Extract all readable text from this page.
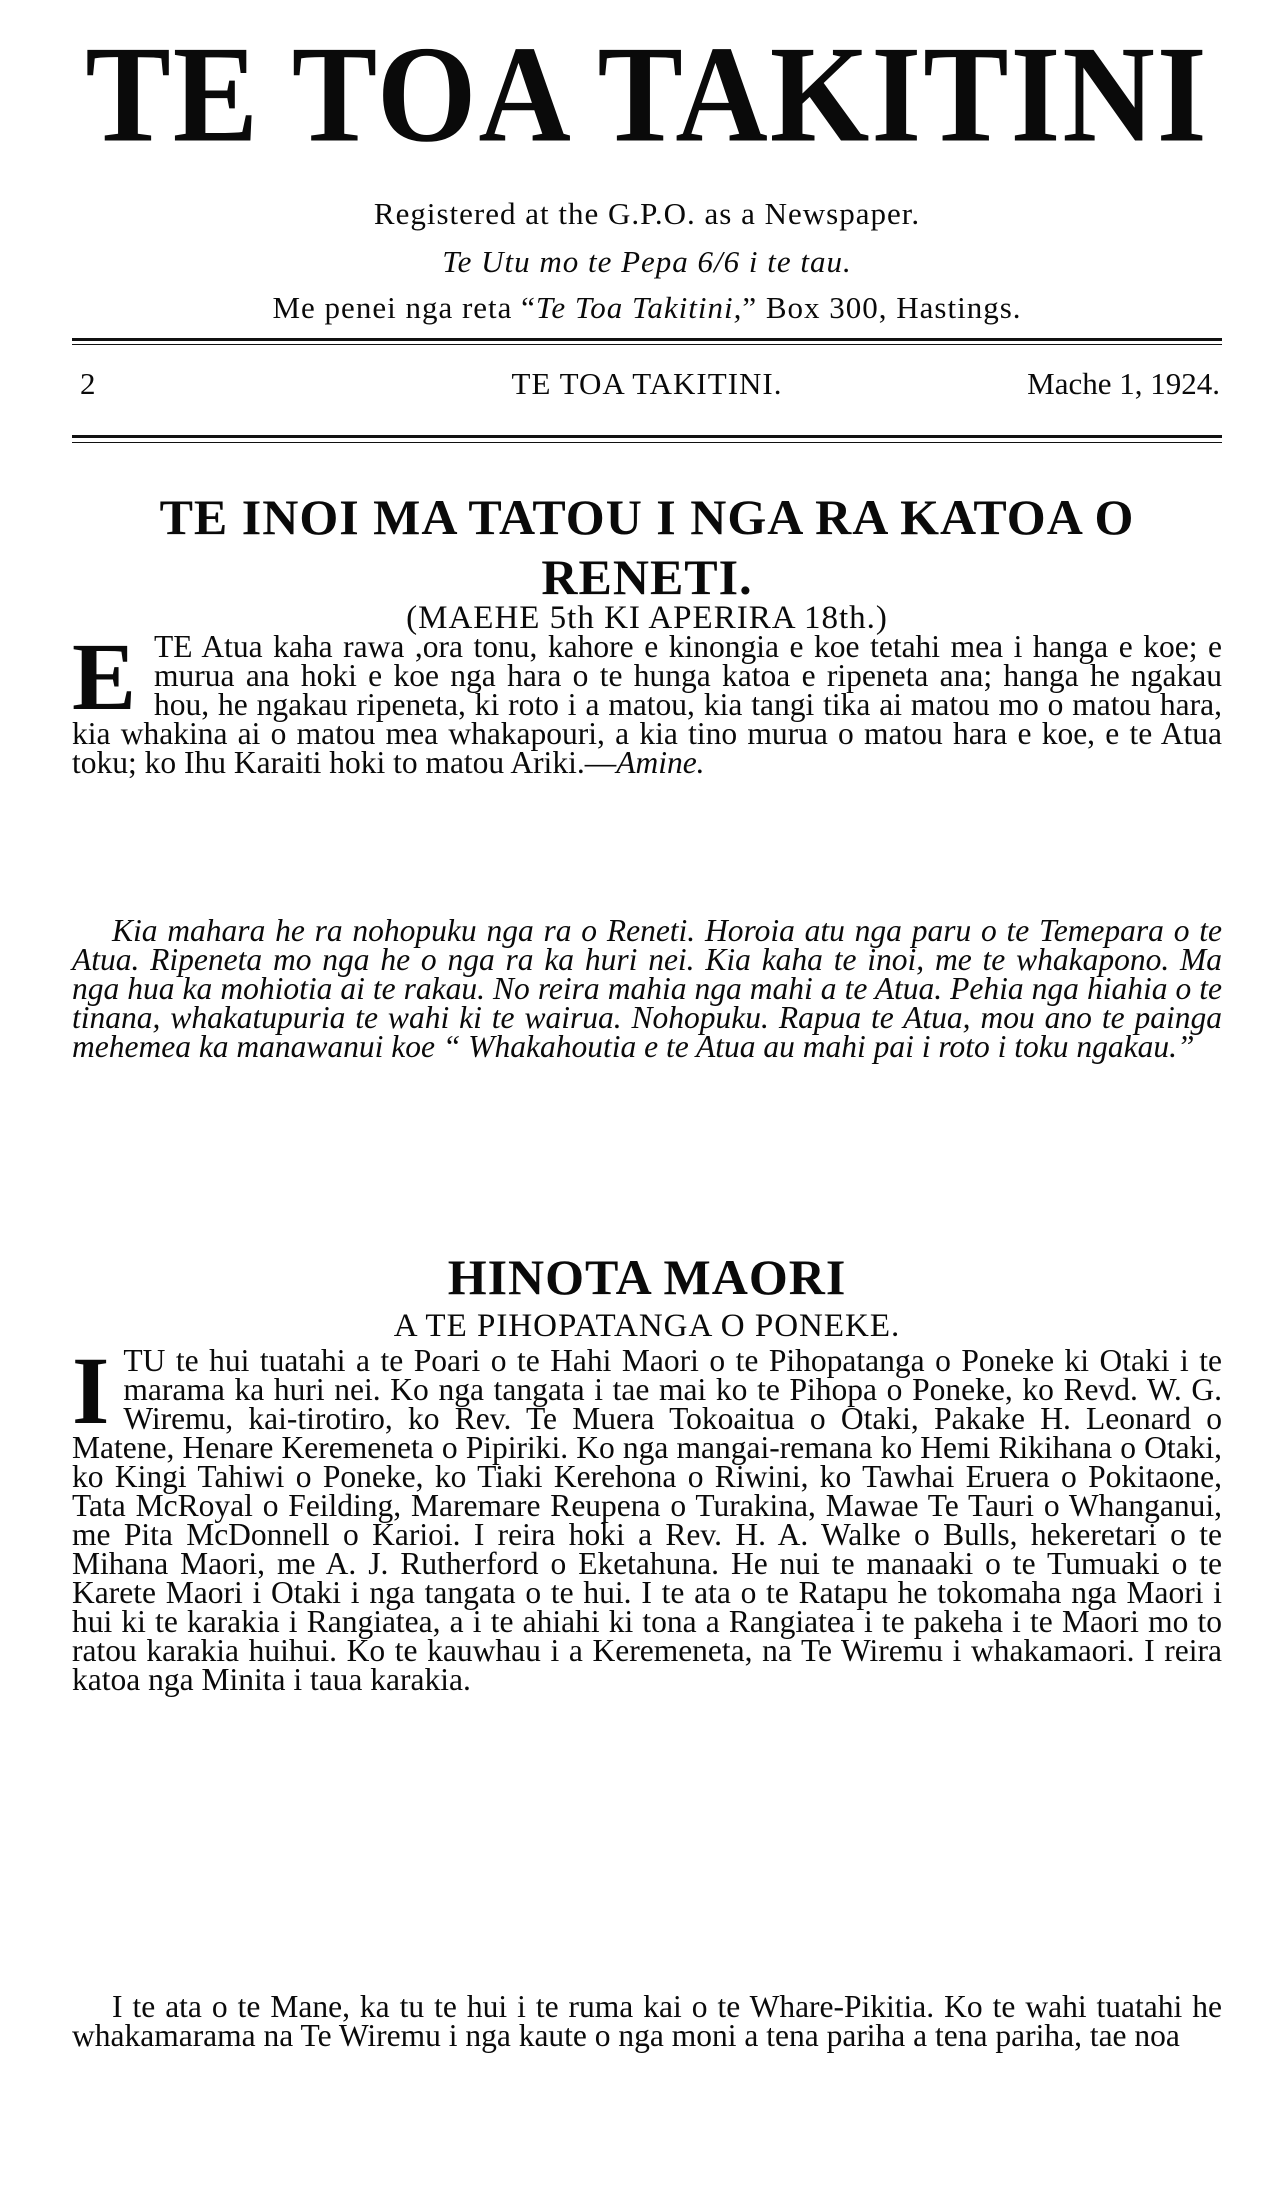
TE TOA TAKITINI
Registered at the G.P.O. as a Newspaper.
Te Utu mo te Pepa 6/6 i te tau.
Me penei nga reta “Te Toa Takitini,” Box 300, Hastings.
2	TE TOA TAKITINI.	Mache 1, 1924.
TE INOI MA TATOU I NGA RA KATOA O
RENETI.
(MAEHE 5th KI APERIRA 18th.)
ETE Atua kaha rawa ,ora tonu, kahore e kinongia e koe tetahi mea i hanga e koe; e murua ana hoki e koe nga hara o te hunga katoa e ripeneta ana; hanga he ngakau hou, he ngakau ripeneta, ki roto i a matou, kia tangi tika ai matou mo o matou hara, kia whakina ai o matou mea whakapouri, a kia tino murua o matou hara e koe, e te Atua toku; ko Ihu Karaiti hoki to matou Ariki.—Amine.
Kia mahara he ra nohopuku nga ra o Reneti. Horoia atu nga paru o te Temepara o te Atua. Ripeneta mo nga he o nga ra ka huri nei. Kia kaha te inoi, me te whakapono. Ma nga hua ka mohiotia ai te rakau. No reira mahia nga mahi a te Atua. Pehia nga hiahia o te tinana, whakatupuria te wahi ki te wairua. Nohopuku. Rapua te Atua, mou ano te painga mehemea ka manawanui koe “ Whakahoutia e te Atua au mahi pai i roto i toku ngakau.”
HINOTA MAORI
A TE PIHOPATANGA O PONEKE.
ITU te hui tuatahi a te Poari o te Hahi Maori o te Pihopatanga o Poneke ki Otaki i te marama ka huri nei. Ko nga tangata i tae mai ko te Pihopa o Poneke, ko Revd. W. G. Wiremu, kai-tirotiro, ko Rev. Te Muera Tokoaitua o Otaki, Pakake H. Leonard o Matene, Henare Keremeneta o Pipiriki. Ko nga mangai-remana ko Hemi Rikihana o Otaki, ko Kingi Tahiwi o Poneke, ko Tiaki Kerehona o Riwini, ko Tawhai Eruera o Pokitaone, Tata McRoyal o Feilding, Maremare Reupena o Turakina, Mawae Te Tauri o Whanganui, me Pita McDonnell o Karioi. I reira hoki a Rev. H. A. Walke o Bulls, hekeretari o te Mihana Maori, me A. J. Rutherford o Eketahuna. He nui te manaaki o te Tumuaki o te Karete Maori i Otaki i nga tangata o te hui. I te ata o te Ratapu he tokomaha nga Maori i hui ki te karakia i Rangiatea, a i te ahiahi ki tona a Rangiatea i te pakeha i te Maori mo to ratou karakia huihui. Ko te kauwhau i a Keremeneta, na Te Wiremu i whakamaori. I reira katoa nga Minita i taua karakia.
I te ata o te Mane, ka tu te hui i te ruma kai o te Whare-Pikitia. Ko te wahi tuatahi he whakamarama na Te Wiremu i nga kaute o nga moni a tena pariha a tena pariha, tae noa
